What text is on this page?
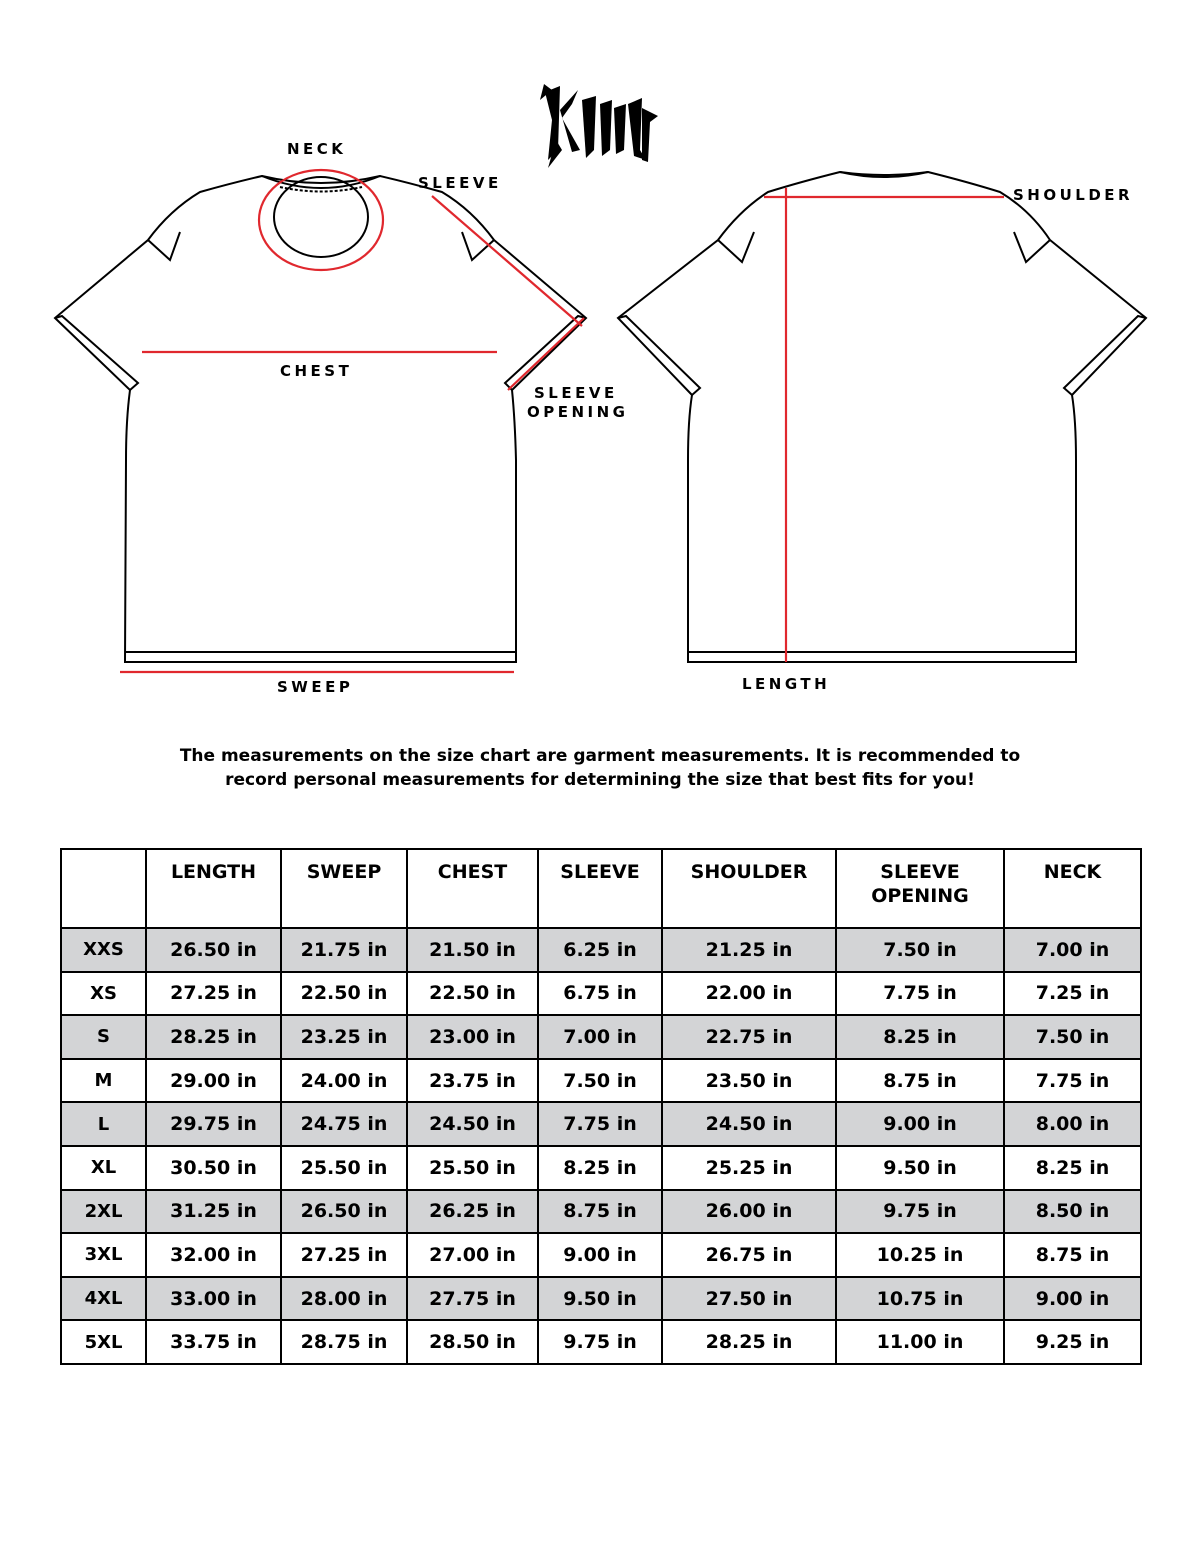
NECK
SLEEVE
CHEST
SLEEVE
OPENING
SWEEP
SHOULDER
LENGTH
The measurements on the size chart are garment measurements. It is recommended to
record personal measurements for determining the size that best fits for you!
	LENGTH	SWEEP	CHEST	SLEEVE	SHOULDER	SLEEVE OPENING	NECK
XXS	26.50 in	21.75 in	21.50 in	6.25 in	21.25 in	7.50 in	7.00 in
XS	27.25 in	22.50 in	22.50 in	6.75 in	22.00 in	7.75 in	7.25 in
S	28.25 in	23.25 in	23.00 in	7.00 in	22.75 in	8.25 in	7.50 in
M	29.00 in	24.00 in	23.75 in	7.50 in	23.50 in	8.75 in	7.75 in
L	29.75 in	24.75 in	24.50 in	7.75 in	24.50 in	9.00 in	8.00 in
XL	30.50 in	25.50 in	25.50 in	8.25 in	25.25 in	9.50 in	8.25 in
2XL	31.25 in	26.50 in	26.25 in	8.75 in	26.00 in	9.75 in	8.50 in
3XL	32.00 in	27.25 in	27.00 in	9.00 in	26.75 in	10.25 in	8.75 in
4XL	33.00 in	28.00 in	27.75 in	9.50 in	27.50 in	10.75 in	9.00 in
5XL	33.75 in	28.75 in	28.50 in	9.75 in	28.25 in	11.00 in	9.25 in
